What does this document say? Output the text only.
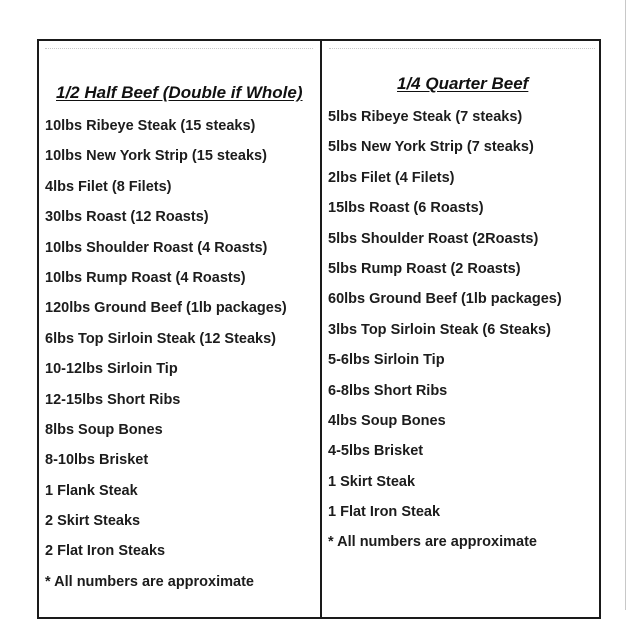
1/2 Half Beef (Double if Whole)
10lbs Ribeye Steak (15 steaks)
10lbs New York Strip (15 steaks)
4lbs Filet (8 Filets)
30lbs Roast (12 Roasts)
10lbs Shoulder Roast (4 Roasts)
10lbs Rump Roast (4 Roasts)
120lbs Ground Beef (1lb packages)
6lbs Top Sirloin Steak (12 Steaks)
10-12lbs Sirloin Tip
12-15lbs Short Ribs
8lbs Soup Bones
8-10lbs Brisket
1 Flank Steak
2 Skirt Steaks
2 Flat Iron Steaks
* All numbers are approximate
1/4 Quarter Beef
5lbs Ribeye Steak (7 steaks)
5lbs New York Strip (7 steaks)
2lbs Filet (4 Filets)
15lbs Roast (6 Roasts)
5lbs Shoulder Roast (2Roasts)
5lbs Rump Roast (2 Roasts)
60lbs Ground Beef (1lb packages)
3lbs Top Sirloin Steak (6 Steaks)
5-6lbs Sirloin Tip
6-8lbs Short Ribs
4lbs Soup Bones
4-5lbs Brisket
1 Skirt Steak
1 Flat Iron Steak
* All numbers are approximate
